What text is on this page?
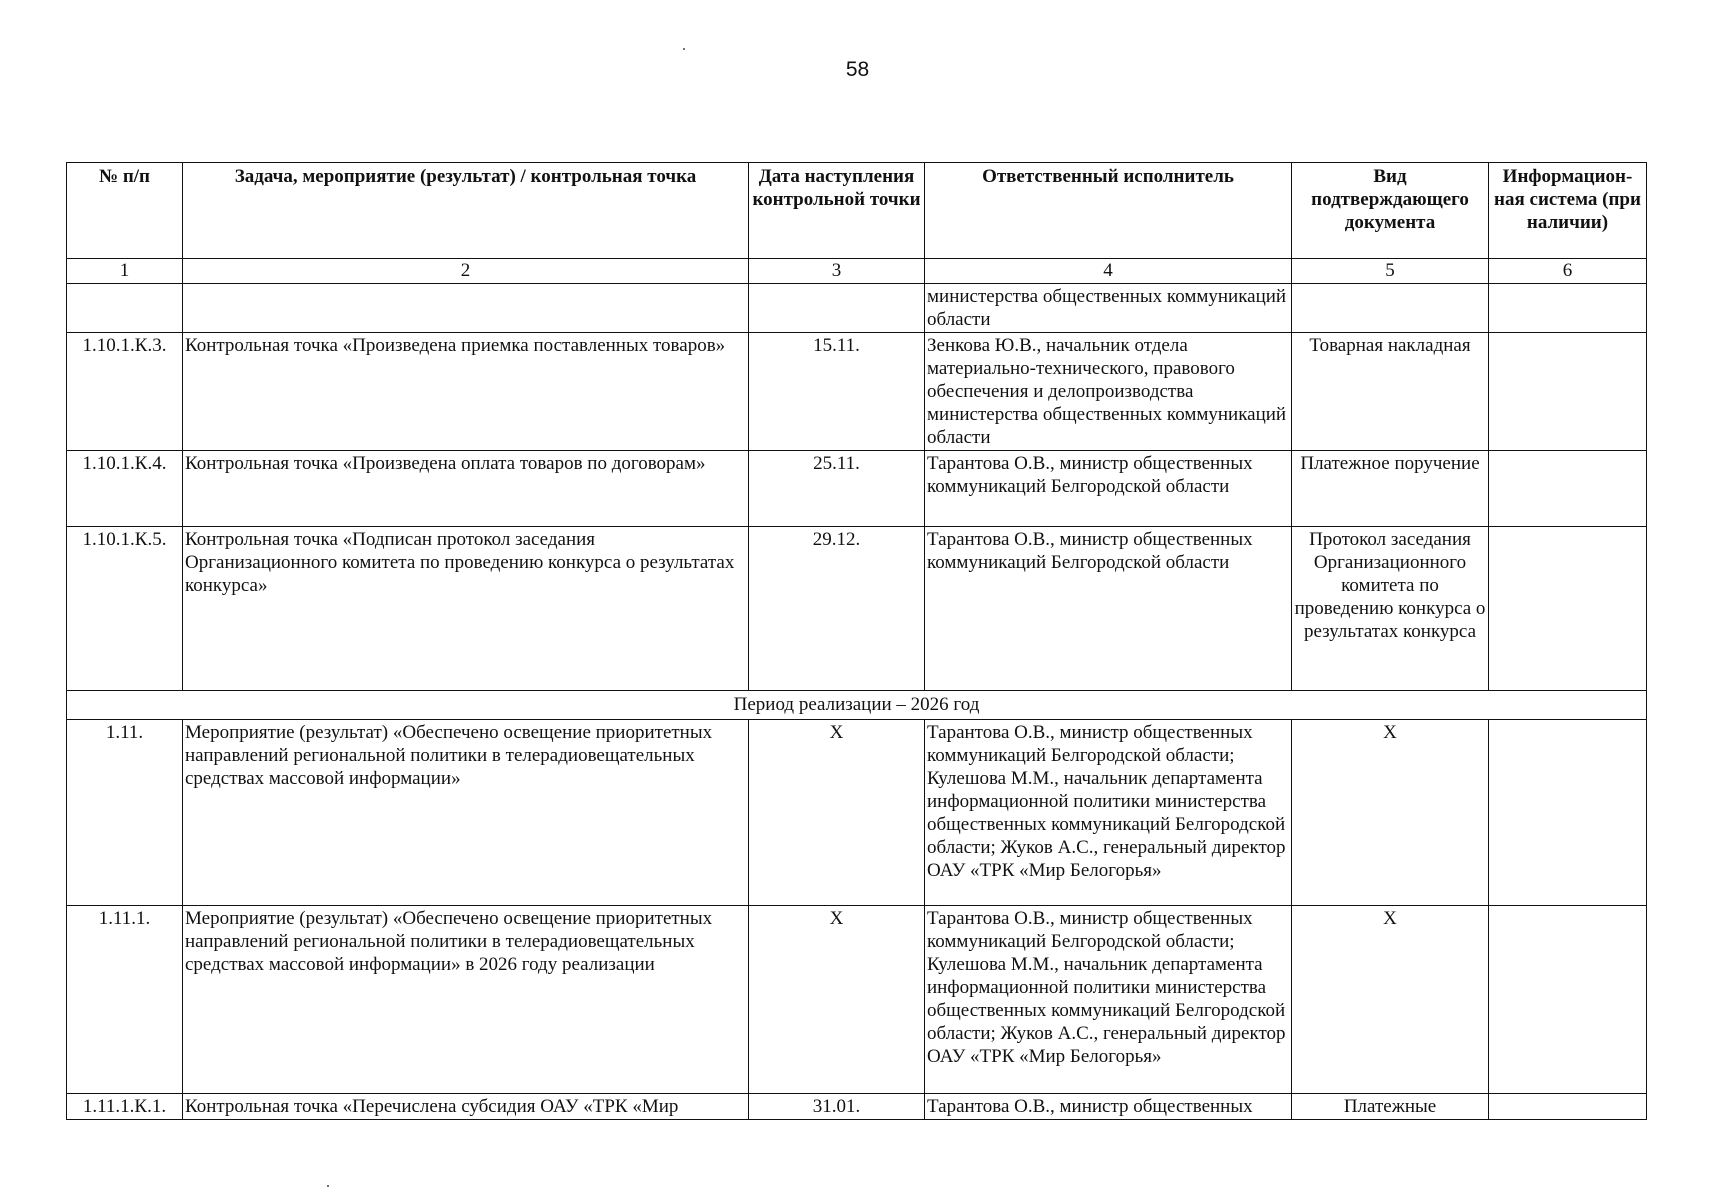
58
№ п/п	Задача, мероприятие (результат) / контрольная точка	Дата наступления контрольной точки	Ответственный исполнитель	Вид подтверждающего документа	Информацион-ная система (при наличии)
1	2	3	4	5	6
			министерства общественных коммуникаций области		
1.10.1.К.3.	Контрольная точка «Произведена приемка поставленных товаров»	15.11.	Зенкова Ю.В., начальник отдела материально-технического, правового обеспечения и делопроизводства министерства общественных коммуникаций области	Товарная накладная	
1.10.1.К.4.	Контрольная точка «Произведена оплата товаров по договорам»	25.11.	Тарантова О.В., министр общественных коммуникаций Белгородской области	Платежное поручение	
1.10.1.К.5.	Контрольная точка «Подписан протокол заседания Организационного комитета по проведению конкурса о результатах конкурса»	29.12.	Тарантова О.В., министр общественных коммуникаций Белгородской области	Протокол заседания Организационного комитета по проведению конкурса о результатах конкурса	
Период реализации – 2026 год					
1.11.	Мероприятие (результат) «Обеспечено освещение приоритетных направлений региональной политики в телерадиовещательных средствах массовой информации»	Х	Тарантова О.В., министр общественных коммуникаций Белгородской области; Кулешова М.М., начальник департамента информационной политики министерства общественных коммуникаций Белгородской области; Жуков А.С., генеральный директор ОАУ «ТРК «Мир Белогорья»	Х	
1.11.1.	Мероприятие (результат) «Обеспечено освещение приоритетных направлений региональной политики в телерадиовещательных средствах массовой информации» в 2026 году реализации	Х	Тарантова О.В., министр общественных коммуникаций Белгородской области; Кулешова М.М., начальник департамента информационной политики министерства общественных коммуникаций Белгородской области; Жуков А.С., генеральный директор ОАУ «ТРК «Мир Белогорья»	Х	
1.11.1.К.1.	Контрольная точка «Перечислена субсидия ОАУ «ТРК «Мир	31.01.	Тарантова О.В., министр общественных	Платежные	
